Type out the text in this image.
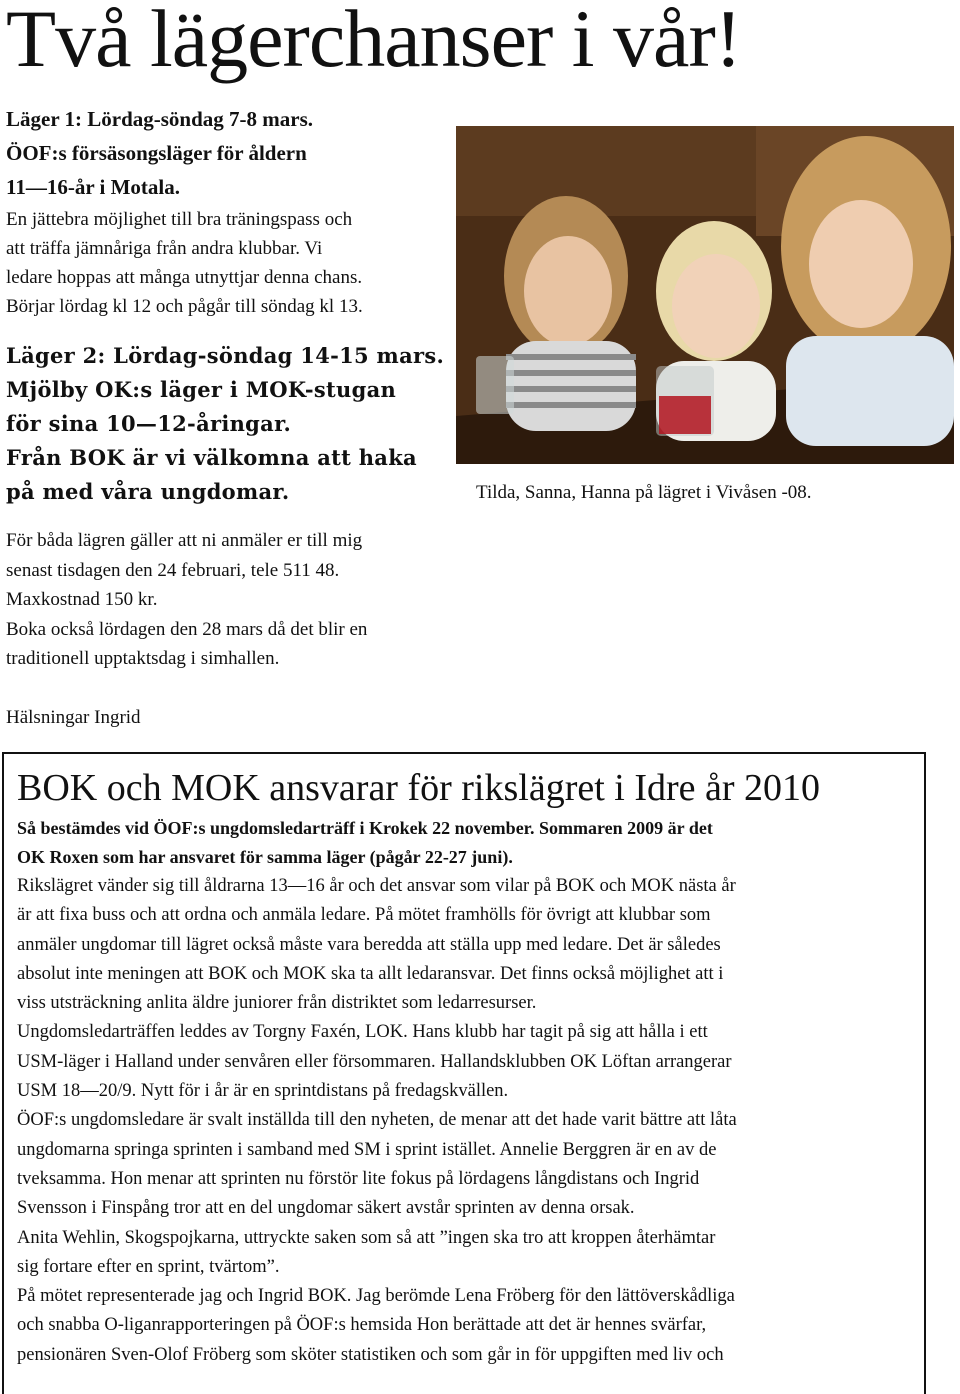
Två lägerchanser i vår!
Läger 1: Lördag-söndag 7-8 mars.
ÖOF:s försäsongsläger för åldern
11—16-år i Motala.
En jättebra möjlighet till bra träningspass och
att träffa jämnåriga från andra klubbar. Vi
ledare hoppas att många utnyttjar denna chans.
Börjar lördag kl 12 och pågår till söndag kl 13.
Läger 2: Lördag-söndag 14-15 mars.
Mjölby OK:s läger i MOK-stugan
för sina 10—12-åringar.
Från BOK är vi välkomna att haka
på med våra ungdomar.	Tilda, Sanna, Hanna på lägret i Vivåsen -08.
För båda lägren gäller att ni anmäler er till mig
senast tisdagen den 24 februari, tele 511 48.
Maxkostnad 150 kr.
Boka också lördagen den 28 mars då det blir en
traditionell upptaktsdag i simhallen.
Hälsningar Ingrid
BOK och MOK ansvarar för rikslägret i Idre år 2010
Så bestämdes vid ÖOF:s ungdomsledarträff i Krokek 22 november. Sommaren 2009 är det
OK Roxen som har ansvaret för samma läger (pågår 22-27 juni).
Rikslägret vänder sig till åldrarna 13—16 år och det ansvar som vilar på BOK och MOK nästa år
är att fixa buss och att ordna och anmäla ledare. På mötet framhölls för övrigt att klubbar som
anmäler ungdomar till lägret också måste vara beredda att ställa upp med ledare. Det är således
absolut inte meningen att BOK och MOK ska ta allt ledaransvar. Det finns också möjlighet att i
viss utsträckning anlita äldre juniorer från distriktet som ledarresurser.
Ungdomsledarträffen leddes av Torgny Faxén, LOK. Hans klubb har tagit på sig att hålla i ett
USM-läger i Halland under senvåren eller försommaren. Hallandsklubben OK Löftan arrangerar
USM 18—20/9. Nytt för i år är en sprintdistans på fredagskvällen.
ÖOF:s ungdomsledare är svalt inställda till den nyheten, de menar att det hade varit bättre att låta
ungdomarna springa sprinten i samband med SM i sprint istället. Annelie Berggren är en av de
tveksamma. Hon menar att sprinten nu förstör lite fokus på lördagens långdistans och Ingrid
Svensson i Finspång tror att en del ungdomar säkert avstår sprinten av denna orsak.
Anita Wehlin, Skogspojkarna, uttryckte saken som så att ”ingen ska tro att kroppen återhämtar
sig fortare efter en sprint, tvärtom”.
På mötet representerade jag och Ingrid BOK. Jag berömde Lena Fröberg för den lättöverskådliga
och snabba O-liganrapporteringen på ÖOF:s hemsida Hon berättade att det är hennes svärfar,
pensionären Sven-Olof Fröberg som sköter statistiken och som går in för uppgiften med liv och
